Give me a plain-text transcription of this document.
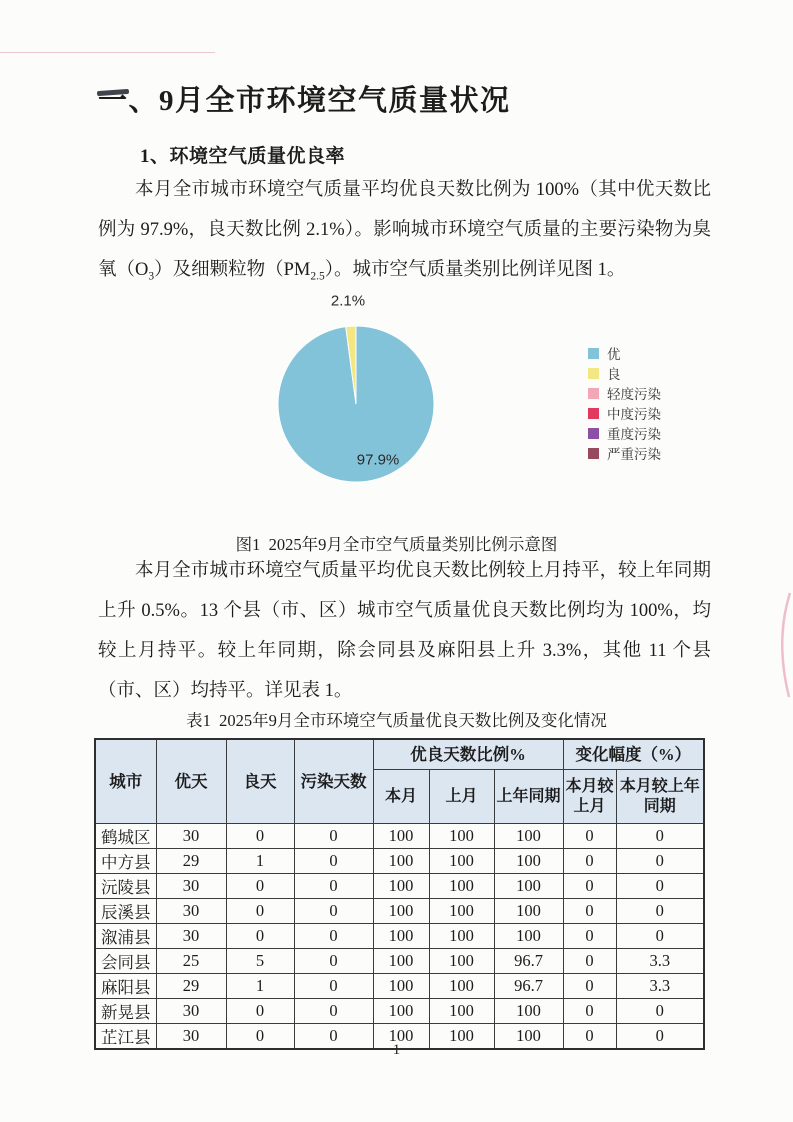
一、9月全市环境空气质量状况
1、环境空气质量优良率

本月全市城市环境空气质量平均优良天数比例为 100%（其中优天数比例为 97.9%，良天数比例 2.1%）。影响城市环境空气质量的主要污染物为臭氧$(O_3)$及细颗粒物$(PM_{2.5})$。城市空气质量类别比例详见图 1。

2.1%
97.9%
优
良
轻度污染
中度污染
重度污染
严重污染
图1  2025年9月全市空气质量类别比例示意图

本月全市城市环境空气质量平均优良天数比例较上月持平，较上年同期上升 0.5%。13 个县（市、区）城市空气质量优良天数比例均为 100%，均较上月持平。较上年同期，除会同县及麻阳县上升 3.3%，其他 11 个县（市、区）均持平。详见表 1。

表1  2025年9月全市环境空气质量优良天数比例及变化情况
城市	优天	良天	污染天数	优良天数比例%			变化幅度（%）	
				本月	上月	上年同期	本月较上月	本月较上年同期
鹤城区	30	0	0	100	100	100	0	0
中方县	29	1	0	100	100	100	0	0
沅陵县	30	0	0	100	100	100	0	0
辰溪县	30	0	0	100	100	100	0	0
溆浦县	30	0	0	100	100	100	0	0
会同县	25	5	0	100	100	96.7	0	3.3
麻阳县	29	1	0	100	100	96.7	0	3.3
新晃县	30	0	0	100	100	100	0	0
芷江县	30	0	0	100	100	100	0	0
1
